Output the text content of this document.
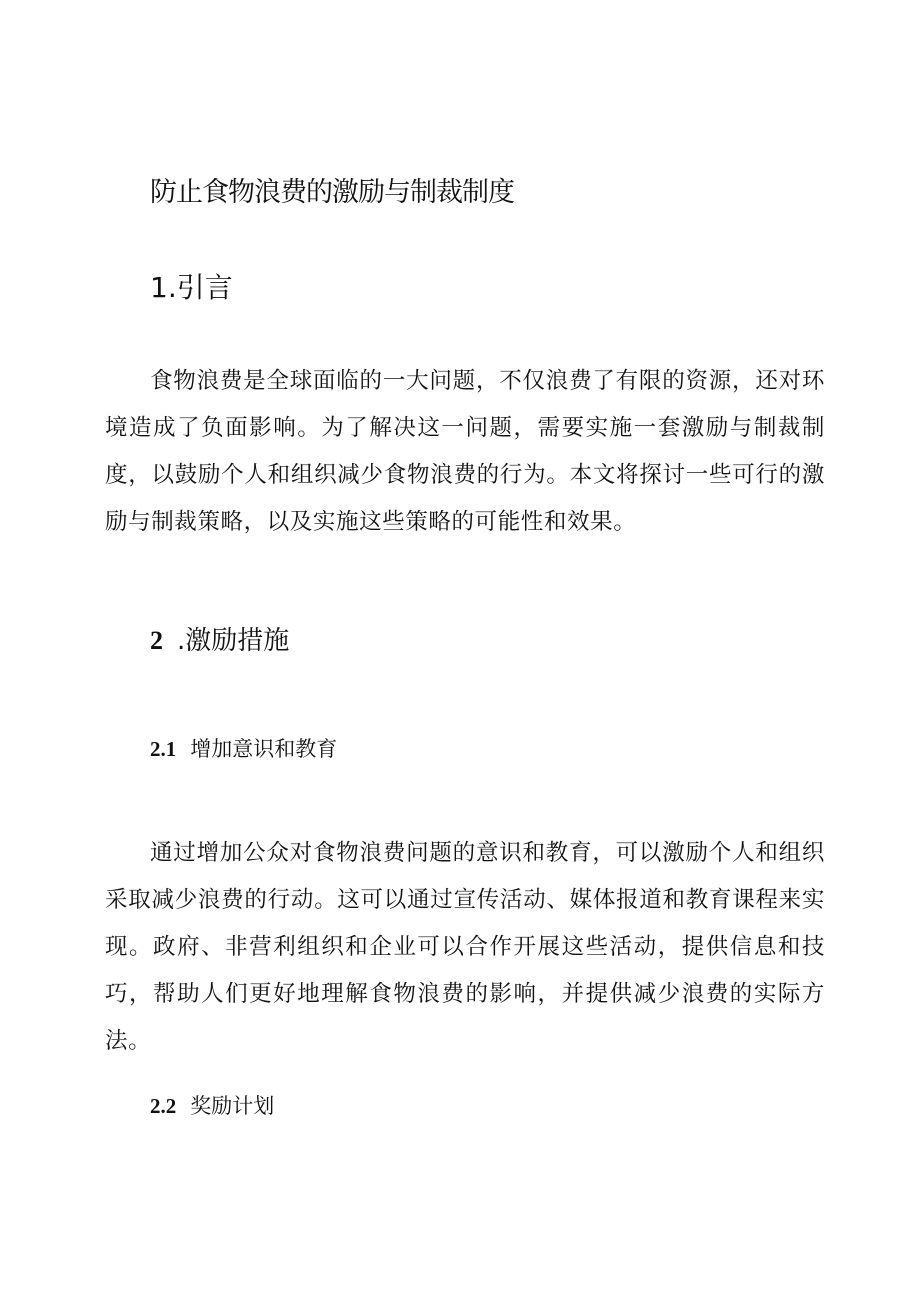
防止食物浪费的激励与制裁制度
1.引言

食物浪费是全球面临的一大问题，不仅浪费了有限的资源，还对环境造成了负面影响。为了解决这一问题，需要实施一套激励与制裁制度，以鼓励个人和组织减少食物浪费的行为。本文将探讨一些可行的激励与制裁策略，以及实施这些策略的可能性和效果。

2 .激励措施
2.1 增加意识和教育

通过增加公众对食物浪费问题的意识和教育，可以激励个人和组织采取减少浪费的行动。这可以通过宣传活动、媒体报道和教育课程来实现。政府、非营利组织和企业可以合作开展这些活动，提供信息和技巧，帮助人们更好地理解食物浪费的影响，并提供减少浪费的实际方法。

2.2 奖励计划
